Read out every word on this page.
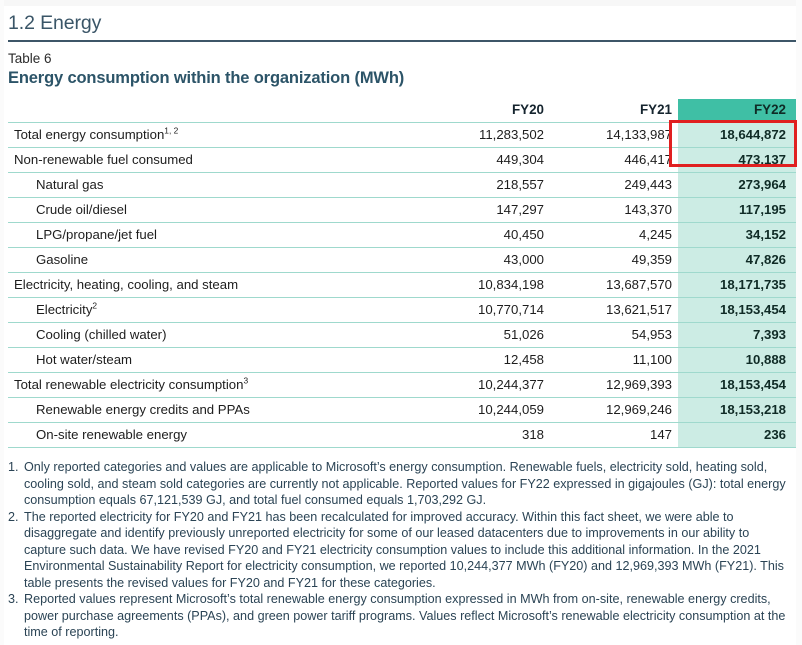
1.2 Energy
Table 6
Energy consumption within the organization (MWh)
	FY20	FY21	FY22
Total energy consumption$^{1, 2}$	11,283,502	14,133,987	18,644,872
Non-renewable fuel consumed	449,304	446,417	473,137
Natural gas	218,557	249,443	273,964
Crude oil/diesel	147,297	143,370	117,195
LPG/propane/jet fuel	40,450	4,245	34,152
Gasoline	43,000	49,359	47,826
Electricity, heating, cooling, and steam	10,834,198	13,687,570	18,171,735
Electricity$^2$	10,770,714	13,621,517	18,153,454
Cooling (chilled water)	51,026	54,953	7,393
Hot water/steam	12,458	11,100	10,888
Total renewable electricity consumption$^3$	10,244,377	12,969,393	18,153,454
Renewable energy credits and PPAs	10,244,059	12,969,246	18,153,218
On-site renewable energy	318	147	236
1. Only reported categories and values are applicable to Microsoft’s energy consumption. Renewable fuels, electricity sold, heating sold, cooling sold, and steam sold categories are currently not applicable. Reported values for FY22 expressed in gigajoules (GJ): total energy consumption equals 67,121,539 GJ, and total fuel consumed equals 1,703,292 GJ.
2. The reported electricity for FY20 and FY21 has been recalculated for improved accuracy. Within this fact sheet, we were able to disaggregate and identify previously unreported electricity for some of our leased datacenters due to improvements in our ability to capture such data. We have revised FY20 and FY21 electricity consumption values to include this additional information. In the 2021 Environmental Sustainability Report for electricity consumption, we reported 10,244,377 MWh (FY20) and 12,969,393 MWh (FY21). This table presents the revised values for FY20 and FY21 for these categories.
3. Reported values represent Microsoft’s total renewable energy consumption expressed in MWh from on-site, renewable energy credits, power purchase agreements (PPAs), and green power tariff programs. Values reflect Microsoft’s renewable electricity consumption at the time of reporting.
